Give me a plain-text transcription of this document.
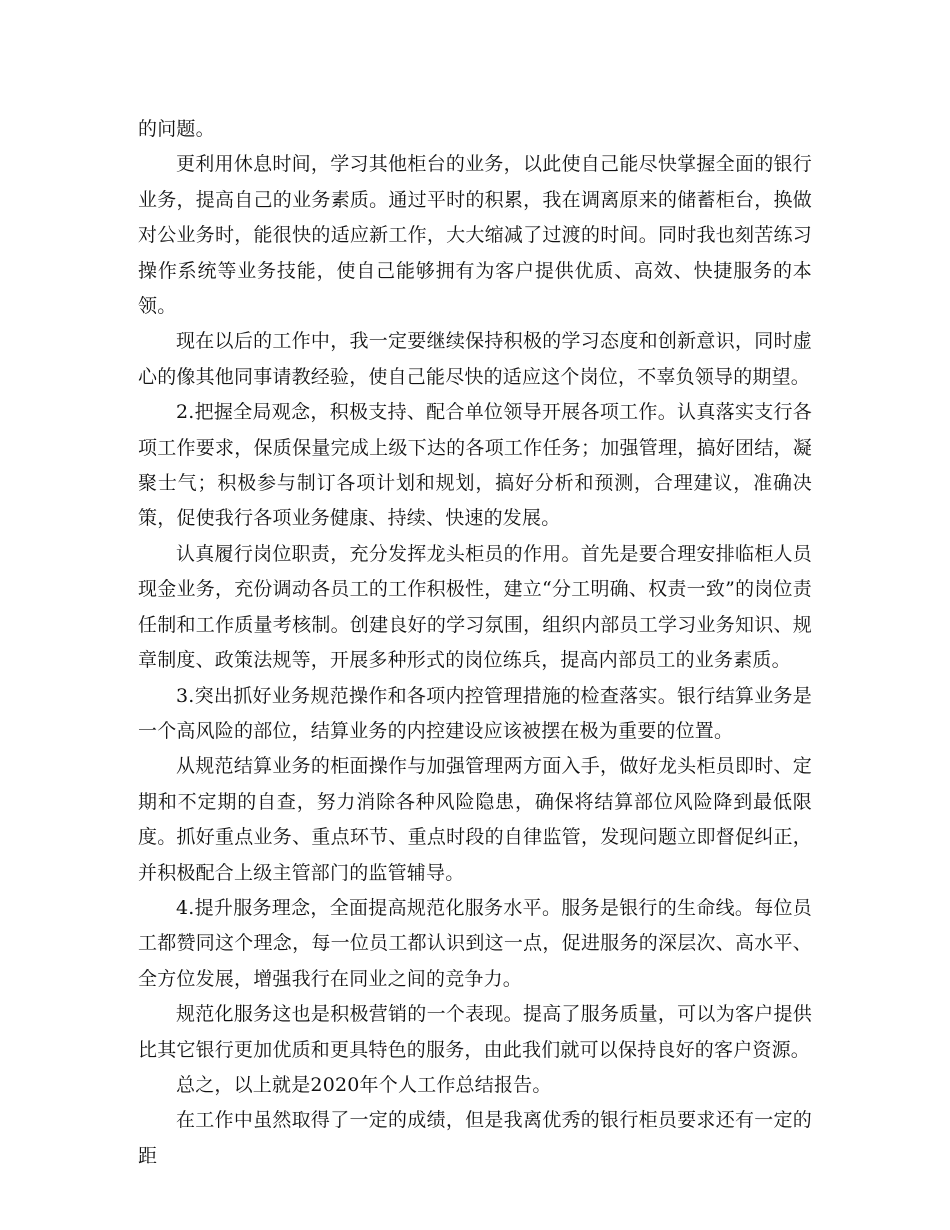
的问题。

更利用休息时间，学习其他柜台的业务，以此使自己能尽快掌握全面的银行业务，提高自己的业务素质。通过平时的积累，我在调离原来的储蓄柜台，换做对公业务时，能很快的适应新工作，大大缩减了过渡的时间。同时我也刻苦练习操作系统等业务技能，使自己能够拥有为客户提供优质、高效、快捷服务的本领。

现在以后的工作中，我一定要继续保持积极的学习态度和创新意识，同时虚心的像其他同事请教经验，使自己能尽快的适应这个岗位，不辜负领导的期望。

2.把握全局观念，积极支持、配合单位领导开展各项工作。认真落实支行各项工作要求，保质保量完成上级下达的各项工作任务；加强管理，搞好团结，凝聚士气；积极参与制订各项计划和规划，搞好分析和预测，合理建议，准确决策，促使我行各项业务健康、持续、快速的发展。

认真履行岗位职责，充分发挥龙头柜员的作用。首先是要合理安排临柜人员现金业务，充份调动各员工的工作积极性，建立“分工明确、权责一致”的岗位责任制和工作质量考核制。创建良好的学习氛围，组织内部员工学习业务知识、规章制度、政策法规等，开展多种形式的岗位练兵，提高内部员工的业务素质。

3.突出抓好业务规范操作和各项内控管理措施的检查落实。银行结算业务是一个高风险的部位，结算业务的内控建设应该被摆在极为重要的位置。

从规范结算业务的柜面操作与加强管理两方面入手，做好龙头柜员即时、定期和不定期的自查，努力消除各种风险隐患，确保将结算部位风险降到最低限度。抓好重点业务、重点环节、重点时段的自律监管，发现问题立即督促纠正，并积极配合上级主管部门的监管辅导。

4.提升服务理念，全面提高规范化服务水平。服务是银行的生命线。每位员工都赞同这个理念，每一位员工都认识到这一点，促进服务的深层次、高水平、全方位发展，增强我行在同业之间的竞争力。

规范化服务这也是积极营销的一个表现。提高了服务质量，可以为客户提供比其它银行更加优质和更具特色的服务，由此我们就可以保持良好的客户资源。

总之，以上就是2020年个人工作总结报告。

在工作中虽然取得了一定的成绩，但是我离优秀的银行柜员要求还有一定的距
